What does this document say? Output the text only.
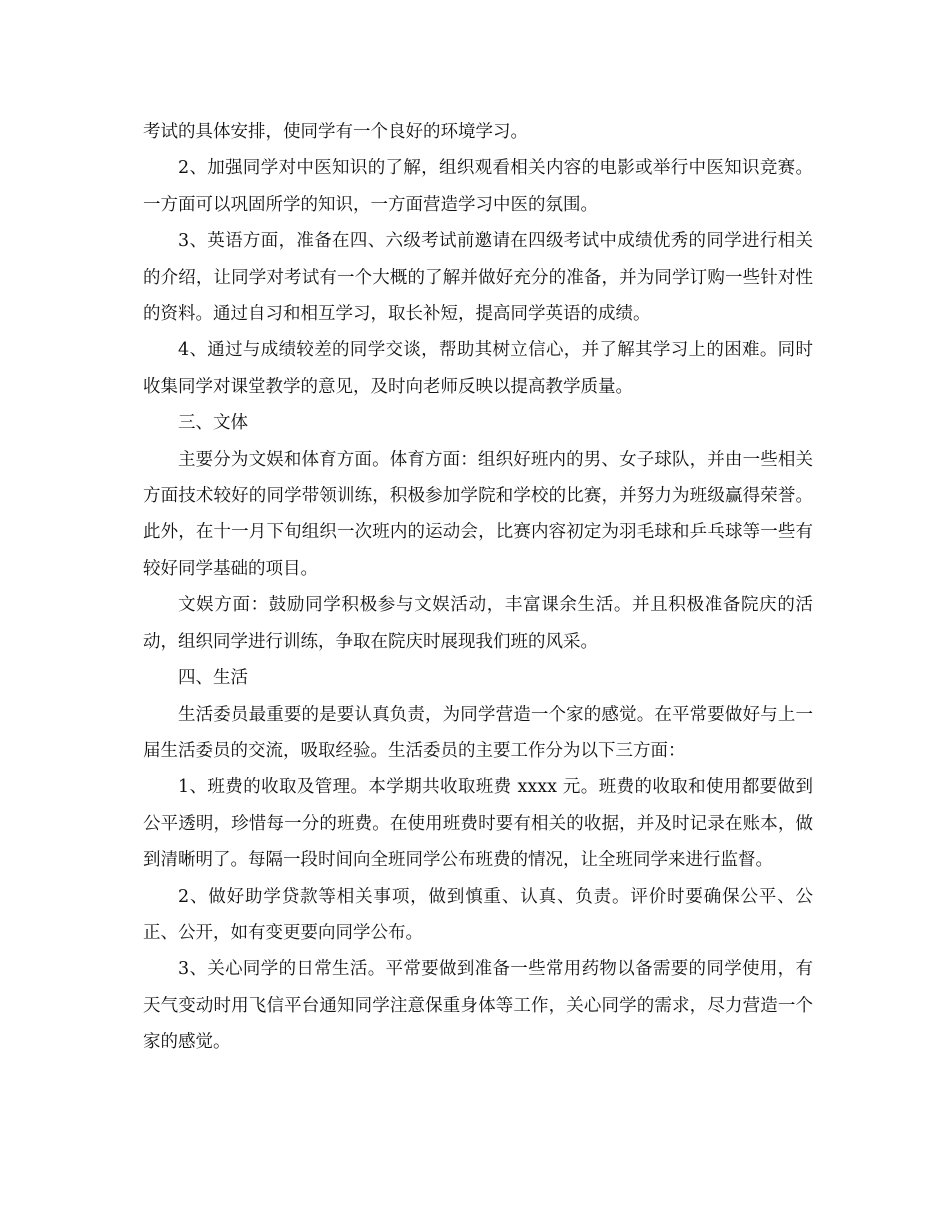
考试的具体安排，使同学有一个良好的环境学习。

2、加强同学对中医知识的了解，组织观看相关内容的电影或举行中医知识竞赛。一方面可以巩固所学的知识，一方面营造学习中医的氛围。

3、英语方面，准备在四、六级考试前邀请在四级考试中成绩优秀的同学进行相关的介绍，让同学对考试有一个大概的了解并做好充分的准备，并为同学订购一些针对性的资料。通过自习和相互学习，取长补短，提高同学英语的成绩。

4、通过与成绩较差的同学交谈，帮助其树立信心，并了解其学习上的困难。同时收集同学对课堂教学的意见，及时向老师反映以提高教学质量。

三、文体

主要分为文娱和体育方面。体育方面：组织好班内的男、女子球队，并由一些相关方面技术较好的同学带领训练，积极参加学院和学校的比赛，并努力为班级赢得荣誉。此外，在十一月下旬组织一次班内的运动会，比赛内容初定为羽毛球和乒乓球等一些有较好同学基础的项目。

文娱方面：鼓励同学积极参与文娱活动，丰富课余生活。并且积极准备院庆的活动，组织同学进行训练，争取在院庆时展现我们班的风采。

四、生活

生活委员最重要的是要认真负责，为同学营造一个家的感觉。在平常要做好与上一届生活委员的交流，吸取经验。生活委员的主要工作分为以下三方面：

1、班费的收取及管理。本学期共收取班费 xxxx 元。班费的收取和使用都要做到公平透明，珍惜每一分的班费。在使用班费时要有相关的收据，并及时记录在账本，做到清晰明了。每隔一段时间向全班同学公布班费的情况，让全班同学来进行监督。

2、做好助学贷款等相关事项，做到慎重、认真、负责。评价时要确保公平、公正、公开，如有变更要向同学公布。

3、关心同学的日常生活。平常要做到准备一些常用药物以备需要的同学使用，有天气变动时用飞信平台通知同学注意保重身体等工作，关心同学的需求，尽力营造一个家的感觉。
